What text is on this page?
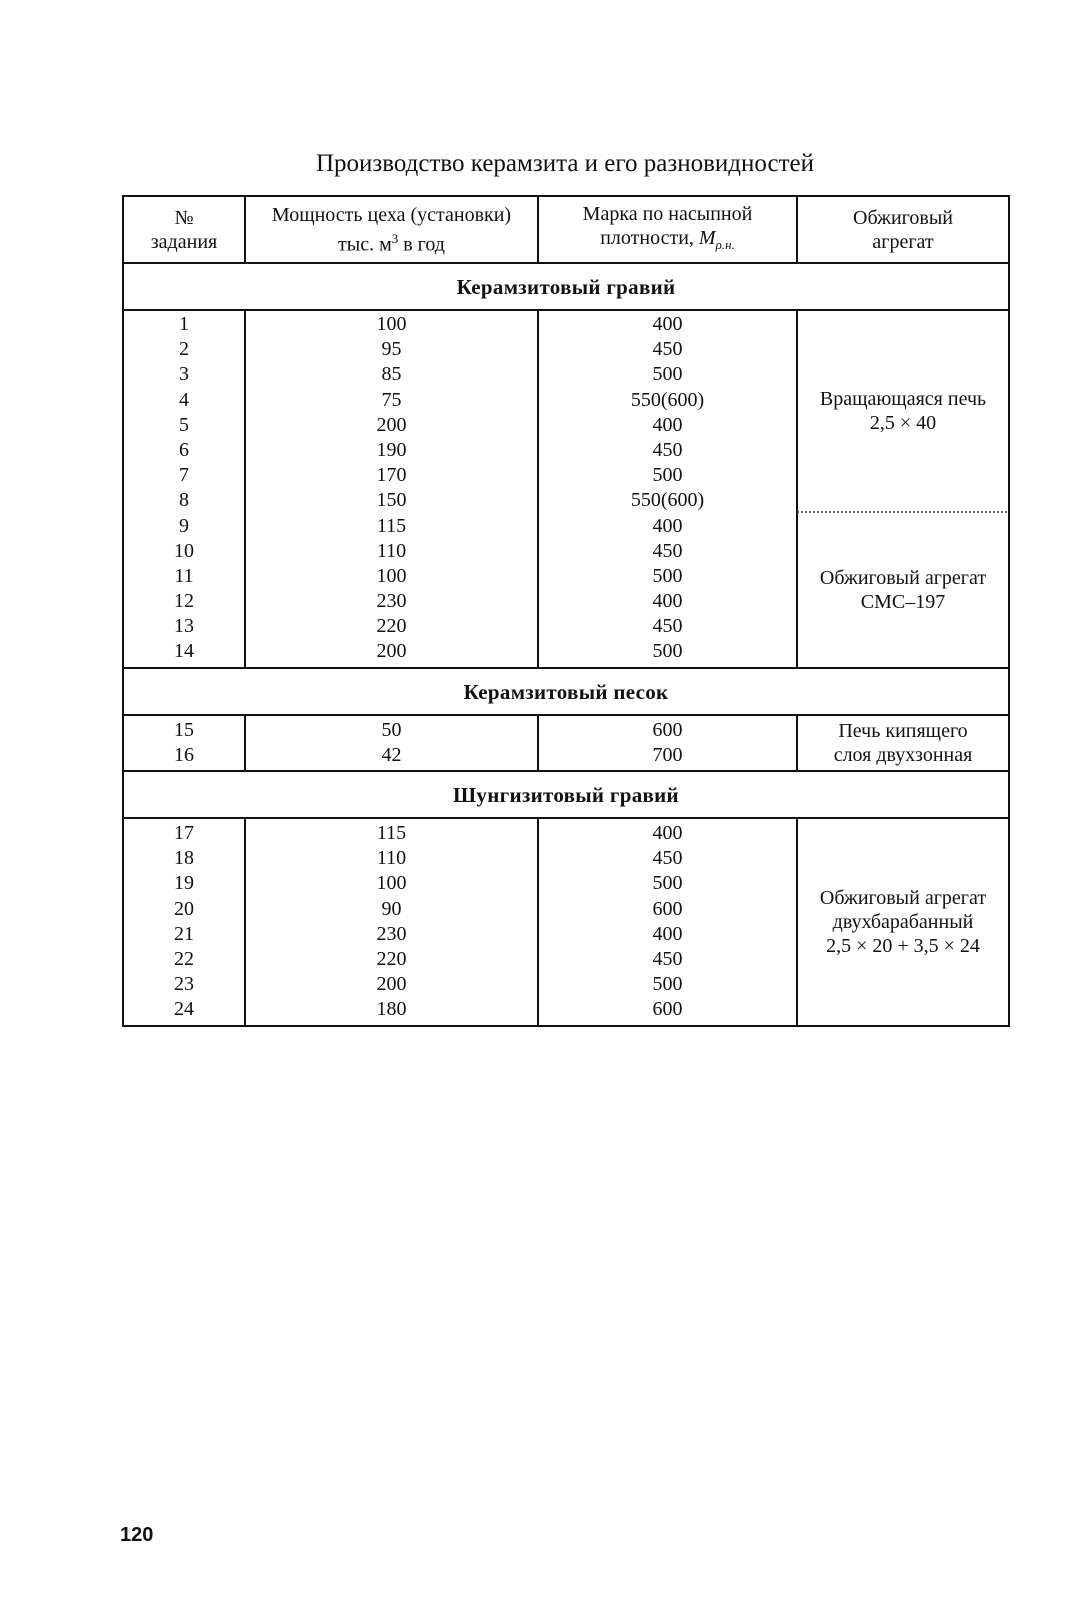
Производство керамзита и его разновидностей
№
задания
Мощность цеха (установки)
тыс. $м^3$ в год
Марка по насыпной
плотности, $M_{\rho.н.}$
Обжиговый
агрегат
Керамзитовый гравий
1
2
3
4
5
6
7
8
9
10
11
12
13
14
100
95
85
75
200
190
170
150
115
110
100
230
220
200
400
450
500
550(600)
400
450
500
550(600)
400
450
500
400
450
500
Вращающаяся печь
2,5 × 40
Обжиговый агрегат
СМС–197
Керамзитовый песок
15
16
50
42
600
700
Печь кипящего
слоя двухзонная
Шунгизитовый гравий
17
18
19
20
21
22
23
24
115
110
100
90
230
220
200
180
400
450
500
600
400
450
500
600
Обжиговый агрегат
двухбарабанный
2,5 × 20 + 3,5 × 24
120
